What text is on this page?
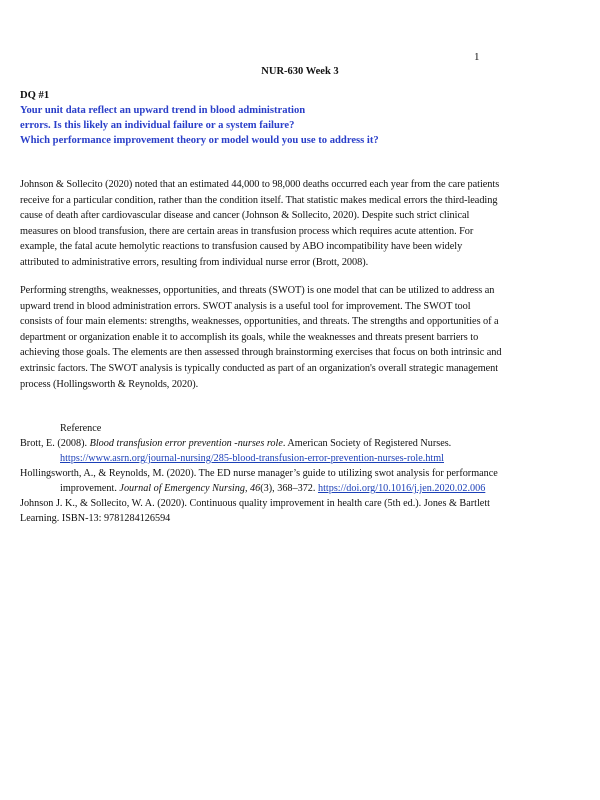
1
NUR-630 Week 3
DQ #1
Your unit data reflect an upward trend in blood administration
errors. Is this likely an individual failure or a system failure?
Which performance improvement theory or model would you use to address it?
Johnson & Sollecito (2020) noted that an estimated 44,000 to 98,000 deaths occurred each year from the care patients
receive for a particular condition, rather than the condition itself. That statistic makes medical errors the third-leading
cause of death after cardiovascular disease and cancer (Johnson & Sollecito, 2020). Despite such strict clinical
measures on blood transfusion, there are certain areas in transfusion process which requires acute attention. For
example, the fatal acute hemolytic reactions to transfusion caused by ABO incompatibility have been widely
attributed to administrative errors, resulting from individual nurse error (Brott, 2008).
Performing strengths, weaknesses, opportunities, and threats (SWOT) is one model that can be utilized to address an
upward trend in blood administration errors. SWOT analysis is a useful tool for improvement. The SWOT tool
consists of four main elements: strengths, weaknesses, opportunities, and threats. The strengths and opportunities of a
department or organization enable it to accomplish its goals, while the weaknesses and threats present barriers to
achieving those goals. The elements are then assessed through brainstorming exercises that focus on both intrinsic and
extrinsic factors. The SWOT analysis is typically conducted as part of an organization's overall strategic management
process (Hollingsworth & Reynolds, 2020).
Reference
Brott, E. (2008). Blood transfusion error prevention -nurses role. American Society of Registered Nurses.
https://www.asrn.org/journal-nursing/285-blood-transfusion-error-prevention-nurses-role.html
Hollingsworth, A., & Reynolds, M. (2020). The ED nurse manager’s guide to utilizing swot analysis for performance
improvement. Journal of Emergency Nursing, 46(3), 368–372. https://doi.org/10.1016/j.jen.2020.02.006
Johnson J. K., & Sollecito, W. A. (2020). Continuous quality improvement in health care (5th ed.). Jones & Bartlett
Learning. ISBN-13: 9781284126594
